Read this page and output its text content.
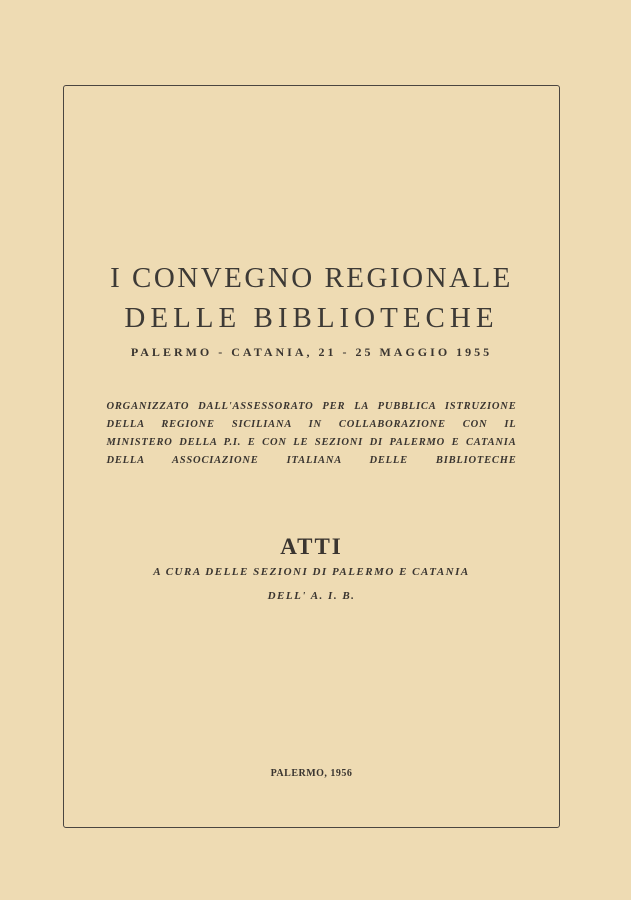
I CONVEGNO REGIONALE
DELLE BIBLIOTECHE
PALERMO - CATANIA, 21 - 25 MAGGIO 1955
ORGANIZZATO DALL'ASSESSORATO PER LA PUBBLICA ISTRUZIONE
DELLA REGIONE SICILIANA IN COLLABORAZIONE CON IL
MINISTERO DELLA P.I. E CON LE SEZIONI DI PALERMO E CATANIA
DELLA ASSOCIAZIONE ITALIANA DELLE BIBLIOTECHE
ATTI
A CURA DELLE SEZIONI DI PALERMO E CATANIA
DELL' A. I. B.
PALERMO, 1956
